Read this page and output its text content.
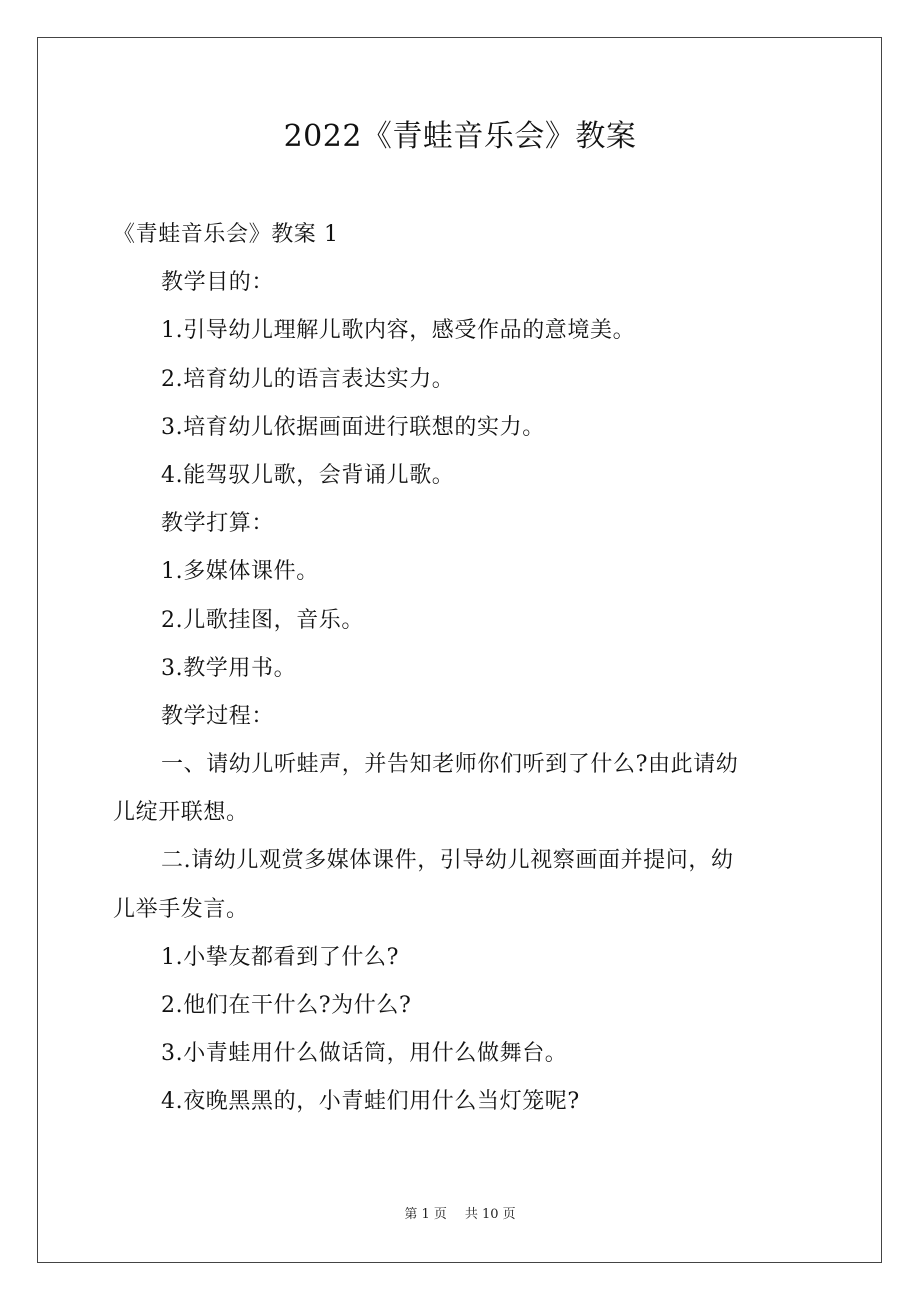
2022《青蛙音乐会》教案
《青蛙音乐会》教案 1
教学目的：
1.引导幼儿理解儿歌内容，感受作品的意境美。
2.培育幼儿的语言表达实力。
3.培育幼儿依据画面进行联想的实力。
4.能驾驭儿歌，会背诵儿歌。
教学打算：
1.多媒体课件。
2.儿歌挂图，音乐。
3.教学用书。
教学过程：
一、请幼儿听蛙声，并告知老师你们听到了什么?由此请幼
儿绽开联想。
二.请幼儿观赏多媒体课件，引导幼儿视察画面并提问，幼
儿举手发言。
1.小挚友都看到了什么?
2.他们在干什么?为什么?
3.小青蛙用什么做话筒，用什么做舞台。
4.夜晚黑黑的，小青蛙们用什么当灯笼呢?
第 1 页 共 10 页
